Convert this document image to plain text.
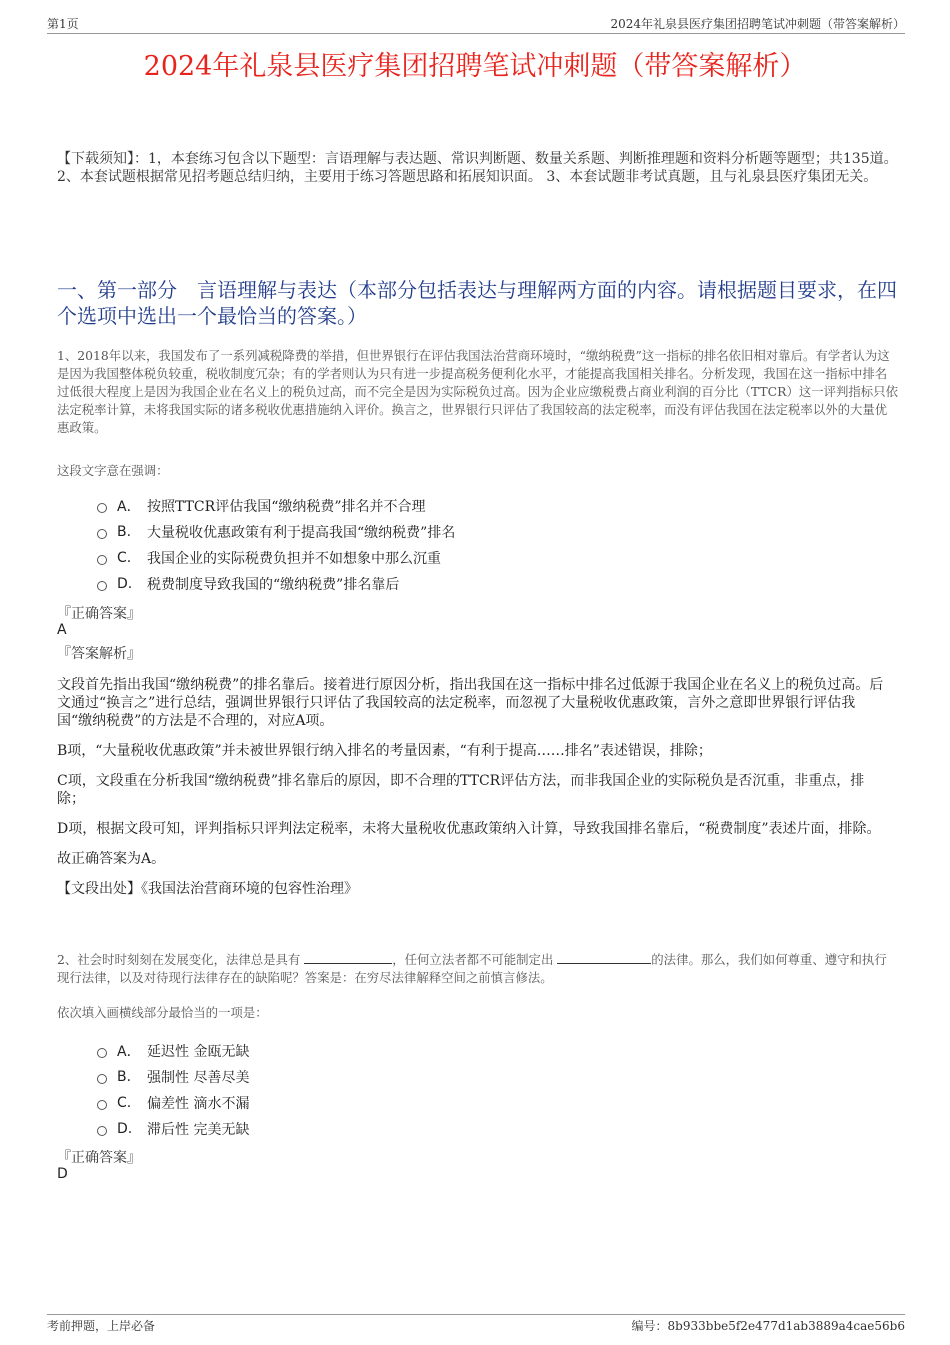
第1页	2024年礼泉县医疗集团招聘笔试冲刺题（带答案解析）
2024年礼泉县医疗集团招聘笔试冲刺题（带答案解析）
【下载须知】：1，本套练习包含以下题型：言语理解与表达题、常识判断题、数量关系题、判断推理题和资料分析题等题型；共135道。 2、本套试题根据常见招考题总结归纳，主要用于练习答题思路和拓展知识面。 3、本套试题非考试真题，且与礼泉县医疗集团无关。
一、第一部分　言语理解与表达（本部分包括表达与理解两方面的内容。请根据题目要求，在四个选项中选出一个最恰当的答案。）
1、2018年以来，我国发布了一系列减税降费的举措，但世界银行在评估我国法治营商环境时，“缴纳税费”这一指标的排名依旧相对靠后。有学者认为这是因为我国整体税负较重，税收制度冗杂；有的学者则认为只有进一步提高税务便利化水平，才能提高我国相关排名。分析发现，我国在这一指标中排名过低很大程度上是因为我国企业在名义上的税负过高，而不完全是因为实际税负过高。因为企业应缴税费占商业利润的百分比（TTCR）这一评判指标只依法定税率计算，未将我国实际的诸多税收优惠措施纳入评价。换言之，世界银行只评估了我国较高的法定税率，而没有评估我国在法定税率以外的大量优惠政策。
这段文字意在强调：
A． 按照TTCR评估我国“缴纳税费”排名并不合理
B.	大量税收优惠政策有利于提高我国“缴纳税费”排名
C.	我国企业的实际税费负担并不如想象中那么沉重
D.	税费制度导致我国的“缴纳税费”排名靠后
『正确答案』
A
『答案解析』

文段首先指出我国“缴纳税费”的排名靠后。接着进行原因分析，指出我国在这一指标中排名过低源于我国企业在名义上的税负过高。后文通过“换言之”进行总结，强调世界银行只评估了我国较高的法定税率，而忽视了大量税收优惠政策，言外之意即世界银行评估我国“缴纳税费”的方法是不合理的，对应A项。

B项，“大量税收优惠政策”并未被世界银行纳入排名的考量因素，“有利于提高……排名”表述错误，排除；

C项，文段重在分析我国“缴纳税费”排名靠后的原因，即不合理的TTCR评估方法，而非我国企业的实际税负是否沉重，非重点，排除；

D项，根据文段可知，评判指标只评判法定税率，未将大量税收优惠政策纳入计算，导致我国排名靠后，“税费制度”表述片面，排除。

故正确答案为A。

【文段出处】《我国法治营商环境的包容性治理》

2、社会时时刻刻在发展变化，法律总是具有	，任何立法者都不可能制定出	的法律。那么，我们如何尊重、遵守和执行现行法律，以及对待现行法律存在的缺陷呢？答案是：在穷尽法律解释空间之前慎言修法。
依次填入画横线部分最恰当的一项是：
A． 延迟性 金瓯无缺
B.	强制性 尽善尽美
C.	偏差性 滴水不漏
D.	滞后性 完美无缺
『正确答案』
D
考前押题，上岸必备	编号：8b933bbe5f2e477d1ab3889a4cae56b6
